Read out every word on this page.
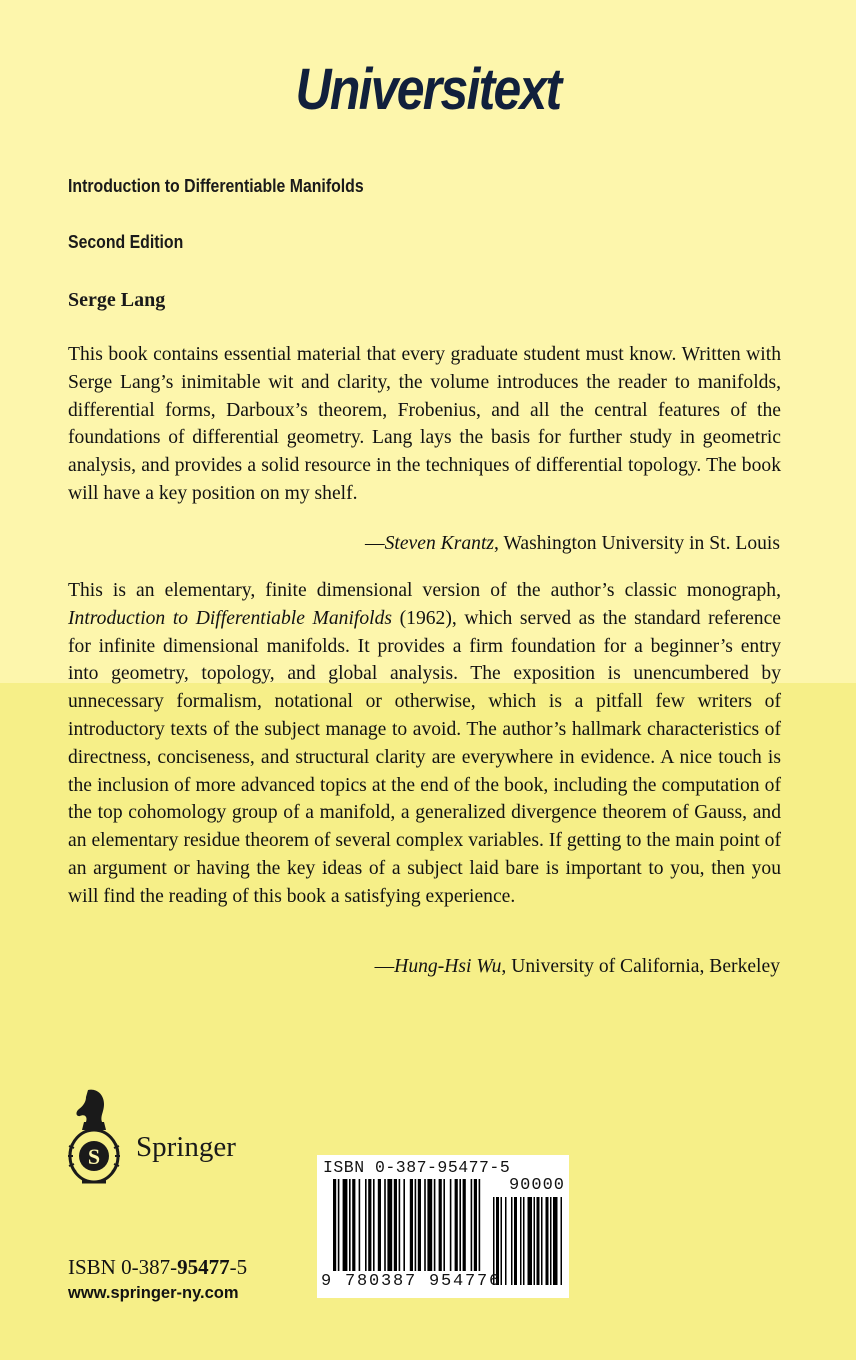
Universitext
Introduction to Differentiable Manifolds
Second Edition
Serge Lang
This book contains essential material that every graduate student must know. Written with Serge Lang’s inimitable wit and clarity, the volume introduces the reader to manifolds, differential forms, Darboux’s theorem, Frobenius, and all the central features of the foundations of differential geometry. Lang lays the basis for further study in geometric analysis, and provides a solid resource in the techniques of differential topology. The book will have a key position on my shelf.
—Steven Krantz, Washington University in St. Louis
This is an elementary, finite dimensional version of the author’s classic monograph, Introduction to Differentiable Manifolds (1962), which served as the standard reference for infinite dimensional manifolds. It provides a firm foundation for a beginner’s entry into geometry, topology, and global analysis. The exposition is unencumbered by unnecessary formalism, notational or otherwise, which is a pitfall few writers of introductory texts of the subject manage to avoid. The author’s hallmark characteristics of directness, conciseness, and structural clarity are everywhere in evidence. A nice touch is the inclusion of more advanced topics at the end of the book, including the computation of the top cohomology group of a manifold, a generalized divergence theorem of Gauss, and an elementary residue theorem of several complex variables. If getting to the main point of an argument or having the key ideas of a subject laid bare is important to you, then you will find the reading of this book a satisfying experience.
—Hung-Hsi Wu, University of California, Berkeley
S Springer
ISBN 0-387-95477-5
www.springer-ny.com
ISBN 0-387-95477-5
90000
9 780387 954776
